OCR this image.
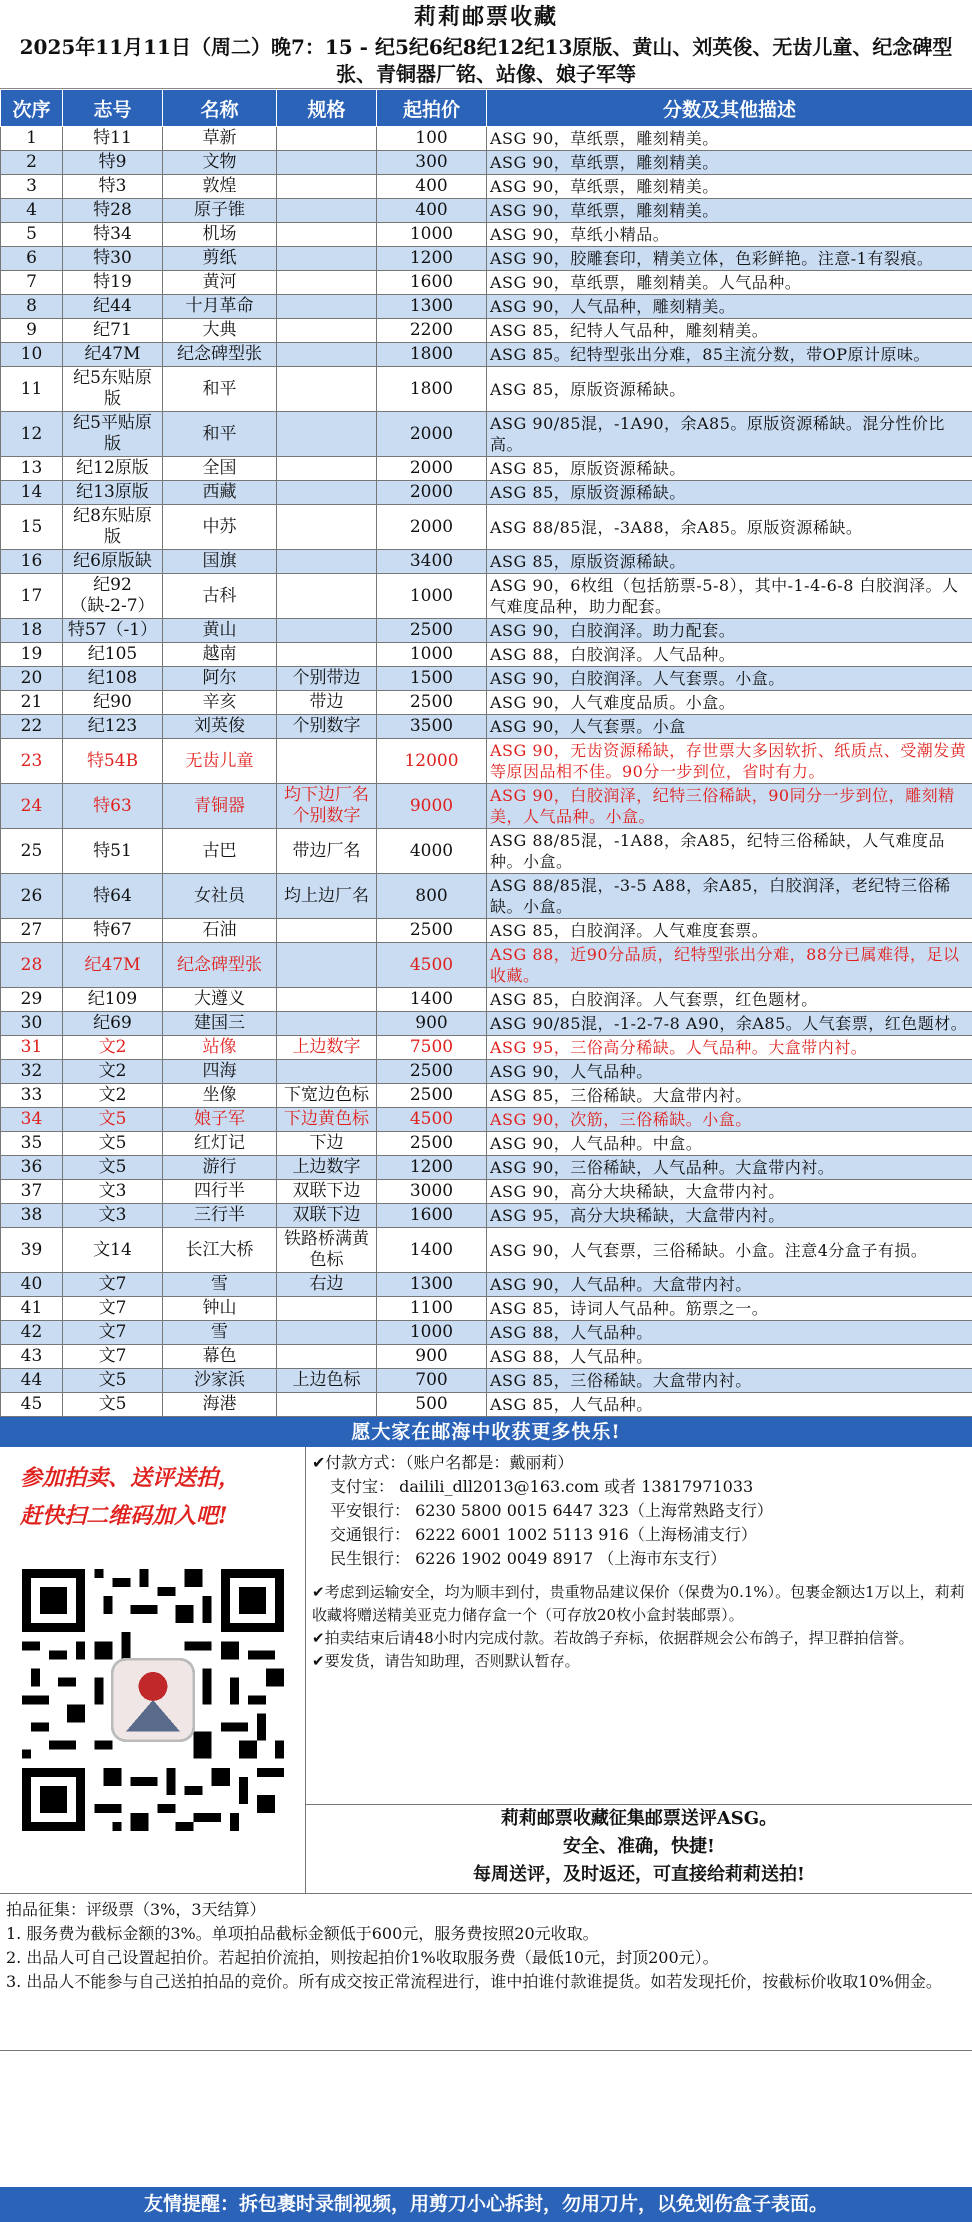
莉莉邮票收藏
2025年11月11日（周二）晚7：15 - 纪5纪6纪8纪12纪13原版、黄山、刘英俊、无齿儿童、纪念碑型张、青铜器厂铭、站像、娘子军等
次序	志号	名称	规格	起拍价	分数及其他描述
1	特11	草新		100	ASG 90，草纸票，雕刻精美。
2	特9	文物		300	ASG 90，草纸票，雕刻精美。
3	特3	敦煌		400	ASG 90，草纸票，雕刻精美。
4	特28	原子锥		400	ASG 90，草纸票，雕刻精美。
5	特34	机场		1000	ASG 90，草纸小精品。
6	特30	剪纸		1200	ASG 90，胶雕套印，精美立体，色彩鲜艳。注意-1有裂痕。
7	特19	黄河		1600	ASG 90，草纸票，雕刻精美。人气品种。
8	纪44	十月革命		1300	ASG 90，人气品种，雕刻精美。
9	纪71	大典		2200	ASG 85，纪特人气品种，雕刻精美。
10	纪47M	纪念碑型张		1800	ASG 85。纪特型张出分难，85主流分数，带OP原计原味。
11	纪5东贴原版	和平		1800	ASG 85，原版资源稀缺。
12	纪5平贴原版	和平		2000	ASG 90/85混，-1A90，余A85。原版资源稀缺。混分性价比高。
13	纪12原版	全国		2000	ASG 85，原版资源稀缺。
14	纪13原版	西藏		2000	ASG 85，原版资源稀缺。
15	纪8东贴原版	中苏		2000	ASG 88/85混，-3A88，余A85。原版资源稀缺。
16	纪6原版缺	国旗		3400	ASG 85，原版资源稀缺。
17	纪92（缺-2-7）	古科		1000	ASG 90，6枚组（包括筋票-5-8），其中-1-4-6-8 白胶润泽。人气难度品种，助力配套。
18	特57（-1）	黄山		2500	ASG 90，白胶润泽。助力配套。
19	纪105	越南		1000	ASG 88，白胶润泽。人气品种。
20	纪108	阿尔	个别带边	1500	ASG 90，白胶润泽。人气套票。小盒。
21	纪90	辛亥	带边	2500	ASG 90，人气难度品质。小盒。
22	纪123	刘英俊	个别数字	3500	ASG 90，人气套票。小盒
23	特54B	无齿儿童		12000	ASG 90，无齿资源稀缺，存世票大多因软折、纸质点、受潮发黄等原因品相不佳。90分一步到位，省时有力。
24	特63	青铜器	均下边厂名个别数字	9000	ASG 90，白胶润泽，纪特三俗稀缺，90同分一步到位，雕刻精美，人气品种。小盒。
25	特51	古巴	带边厂名	4000	ASG 88/85混，-1A88，余A85，纪特三俗稀缺，人气难度品种。小盒。
26	特64	女社员	均上边厂名	800	ASG 88/85混，-3-5 A88，余A85，白胶润泽，老纪特三俗稀缺。小盒。
27	特67	石油		2500	ASG 85，白胶润泽。人气难度套票。
28	纪47M	纪念碑型张		4500	ASG 88，近90分品质，纪特型张出分难，88分已属难得，足以收藏。
29	纪109	大遵义		1400	ASG 85，白胶润泽。人气套票，红色题材。
30	纪69	建国三		900	ASG 90/85混，-1-2-7-8 A90，余A85。人气套票，红色题材。
31	文2	站像	上边数字	7500	ASG 95，三俗高分稀缺。人气品种。大盒带内衬。
32	文2	四海		2500	ASG 90，人气品种。
33	文2	坐像	下宽边色标	2500	ASG 85，三俗稀缺。大盒带内衬。
34	文5	娘子军	下边黄色标	4500	ASG 90，次筋，三俗稀缺。小盒。
35	文5	红灯记	下边	2500	ASG 90，人气品种。中盒。
36	文5	游行	上边数字	1200	ASG 90，三俗稀缺，人气品种。大盒带内衬。
37	文3	四行半	双联下边	3000	ASG 90，高分大块稀缺，大盒带内衬。
38	文3	三行半	双联下边	1600	ASG 95，高分大块稀缺，大盒带内衬。
39	文14	长江大桥	铁路桥满黄色标	1400	ASG 90，人气套票，三俗稀缺。小盒。注意4分盒子有损。
40	文7	雪	右边	1300	ASG 90，人气品种。大盒带内衬。
41	文7	钟山		1100	ASG 85，诗词人气品种。筋票之一。
42	文7	雪		1000	ASG 88，人气品种。
43	文7	幕色		900	ASG 88，人气品种。
44	文5	沙家浜	上边色标	700	ASG 85，三俗稀缺。大盒带内衬。
45	文5	海港		500	ASG 85，人气品种。
愿大家在邮海中收获更多快乐!
参加拍卖、送评送拍，
赶快扫二维码加入吧!
✔付款方式：（账户名都是：戴丽莉）
支付宝： dailili_dll2013@163.com 或者 13817971033
平安银行： 6230 5800 0015 6447 323（上海常熟路支行）
交通银行： 6222 6001 1002 5113 916（上海杨浦支行）
民生银行： 6226 1902 0049 8917 （上海市东支行）
✔考虑到运输安全，均为顺丰到付，贵重物品建议保价（保费为0.1%）。包裹金额达1万以上，莉莉收藏将赠送精美亚克力储存盒一个（可存放20枚小盒封装邮票）。
✔拍卖结束后请48小时内完成付款。若故鸽子弃标，依据群规会公布鸽子，捍卫群拍信誉。
✔要发货，请告知助理，否则默认暂存。
莉莉邮票收藏征集邮票送评ASG。
安全、准确，快捷!
每周送评，及时返还，可直接给莉莉送拍!
拍品征集：评级票（3%，3天结算）
1. 服务费为截标金额的3%。单项拍品截标金额低于600元，服务费按照20元收取。
2. 出品人可自己设置起拍价。若起拍价流拍，则按起拍价1%收取服务费（最低10元，封顶200元）。
3. 出品人不能参与自己送拍拍品的竞价。所有成交按正常流程进行，谁中拍谁付款谁提货。如若发现托价，按截标价收取10%佣金。
友情提醒：拆包裹时录制视频，用剪刀小心拆封，勿用刀片，以免划伤盒子表面。
